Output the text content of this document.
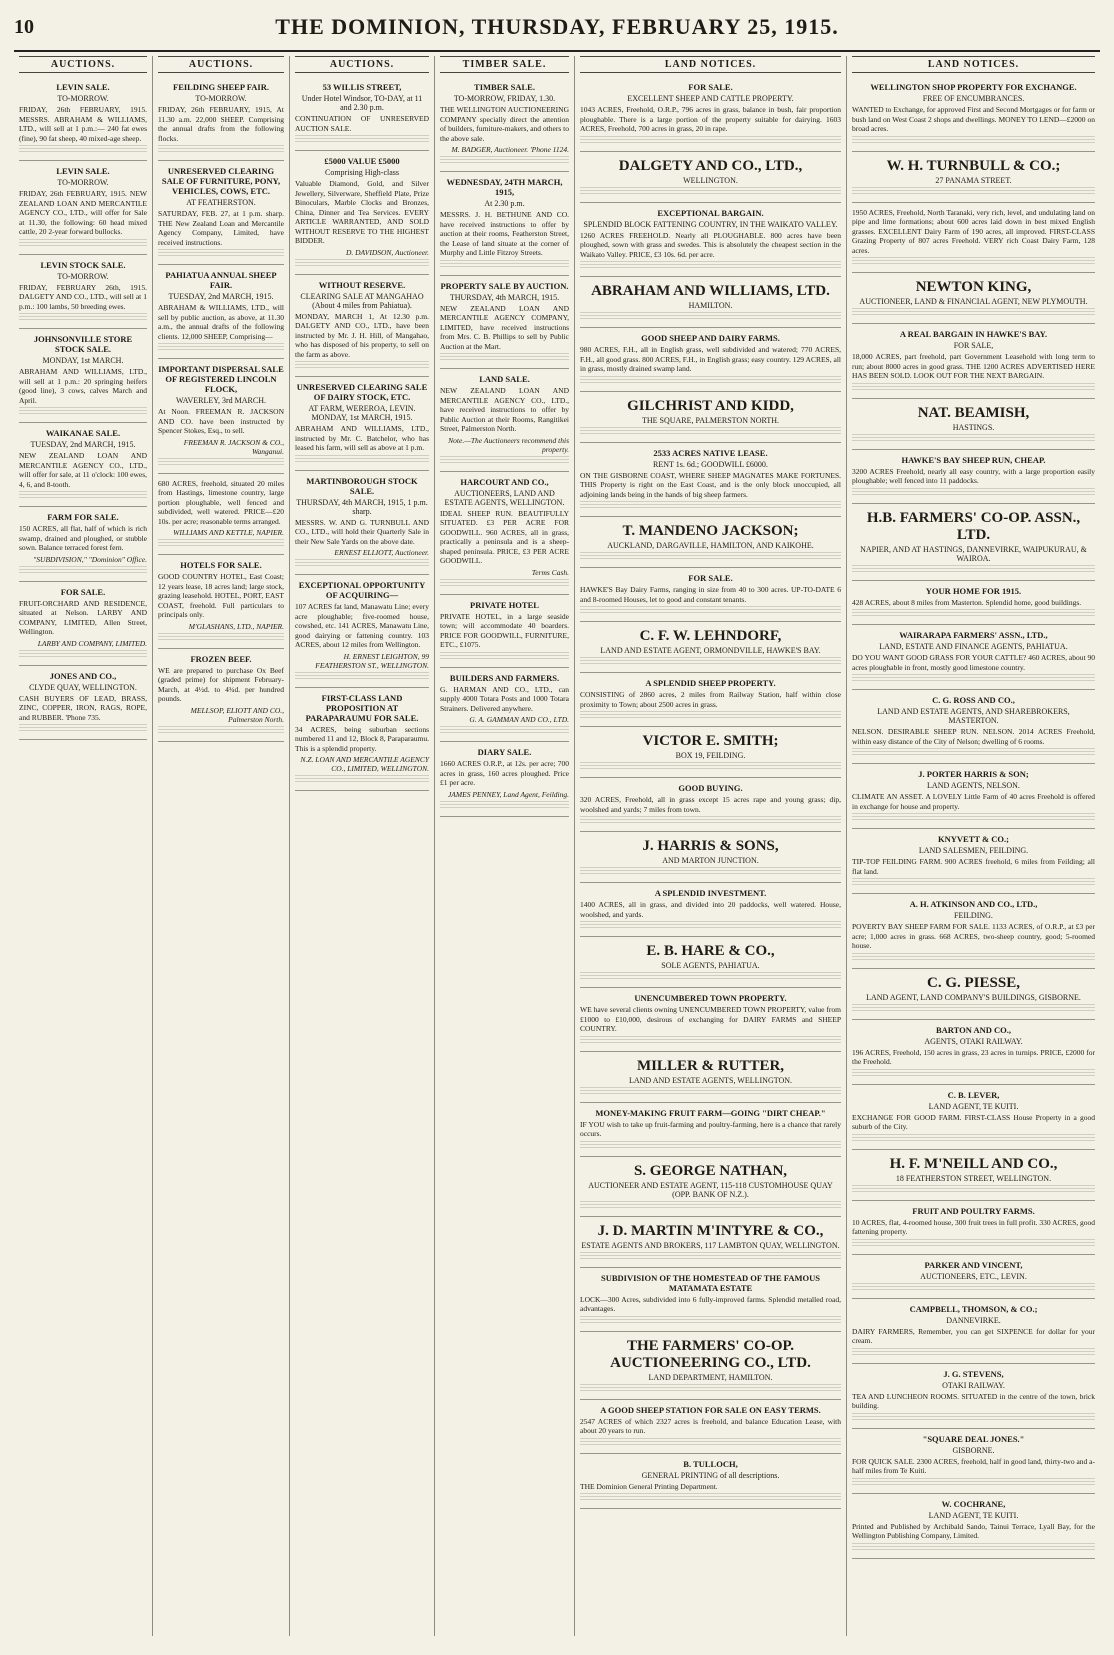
10	THE DOMINION, THURSDAY, FEBRUARY 25, 1915.
AUCTIONS.
LEVIN SALE.
TO-MORROW.
FRIDAY, 26th FEBRUARY, 1915. MESSRS. ABRAHAM & WILLIAMS, LTD., will sell at 1 p.m.:— 240 fat ewes (fine), 90 fat sheep, 40 mixed-age sheep.
LEVIN SALE.
TO-MORROW.
FRIDAY, 26th FEBRUARY, 1915. NEW ZEALAND LOAN AND MERCANTILE AGENCY CO., LTD., will offer for Sale at 11.30, the following: 60 head mixed cattle, 20 2-year forward bullocks.
LEVIN STOCK SALE.
TO-MORROW.
FRIDAY, FEBRUARY 26th, 1915. DALGETY AND CO., LTD., will sell at 1 p.m.: 100 lambs, 50 breeding ewes.
JOHNSONVILLE STORE STOCK SALE.
MONDAY, 1st MARCH.
ABRAHAM AND WILLIAMS, LTD., will sell at 1 p.m.: 20 springing heifers (good line), 3 cows, calves March and April.
WAIKANAE SALE.
TUESDAY, 2nd MARCH, 1915.
NEW ZEALAND LOAN AND MERCANTILE AGENCY CO., LTD., will offer for sale, at 11 o'clock: 100 ewes, 4, 6, and 8-tooth.
FARM FOR SALE.
150 ACRES, all flat, half of which is rich swamp, drained and ploughed, or stubble sown. Balance terraced forest fern.
"SUBDIVISION," "Dominion" Office.
FOR SALE.
FRUIT-ORCHARD AND RESIDENCE, situated at Nelson. LARBY AND COMPANY, LIMITED, Allen Street, Wellington.
LARBY AND COMPANY, LIMITED.
JONES AND CO.,
CLYDE QUAY, WELLINGTON.
CASH BUYERS OF LEAD, BRASS, ZINC, COPPER, IRON, RAGS, ROPE, and RUBBER. 'Phone 735.
AUCTIONS.
FEILDING SHEEP FAIR.
TO-MORROW.
FRIDAY, 26th FEBRUARY, 1915, At 11.30 a.m. 22,000 SHEEP. Comprising the annual drafts from the following flocks.
UNRESERVED CLEARING SALE OF FURNITURE, PONY, VEHICLES, COWS, ETC.
AT FEATHERSTON.
SATURDAY, FEB. 27, at 1 p.m. sharp. THE New Zealand Loan and Mercantile Agency Company, Limited, have received instructions.
PAHIATUA ANNUAL SHEEP FAIR.
TUESDAY, 2nd MARCH, 1915.
ABRAHAM & WILLIAMS, LTD., will sell by public auction, as above, at 11.30 a.m., the annual drafts of the following clients. 12,000 SHEEP, Comprising—
IMPORTANT DISPERSAL SALE OF REGISTERED LINCOLN FLOCK,
WAVERLEY, 3rd MARCH.
At Noon. FREEMAN R. JACKSON AND CO. have been instructed by Spencer Stokes, Esq., to sell.
FREEMAN R. JACKSON & CO., Wanganui.
680 ACRES, freehold, situated 20 miles from Hastings, limestone country, large portion ploughable, well fenced and subdivided, well watered. PRICE—£20 10s. per acre; reasonable terms arranged.
WILLIAMS AND KETTLE, NAPIER.
HOTELS FOR SALE.
GOOD COUNTRY HOTEL, East Coast; 12 years lease, 18 acres land; large stock, grazing leasehold. HOTEL, PORT, EAST COAST, freehold. Full particulars to principals only.
M'GLASHANS, LTD., NAPIER.
FROZEN BEEF.
WE are prepared to purchase Ox Beef (graded prime) for shipment February-March, at 4½d. to 4¾d. per hundred pounds.
MELLSOP, ELIOTT AND CO., Palmerston North.
AUCTIONS.
53 WILLIS STREET,
Under Hotel Windsor, TO-DAY, at 11 and 2.30 p.m.
CONTINUATION OF UNRESERVED AUCTION SALE.
£5000 VALUE £5000
Comprising High-class
Valuable Diamond, Gold, and Silver Jewellery, Silverware, Sheffield Plate, Prize Binoculars, Marble Clocks and Bronzes, China, Dinner and Tea Services. EVERY ARTICLE WARRANTED, AND SOLD WITHOUT RESERVE TO THE HIGHEST BIDDER.
D. DAVIDSON, Auctioneer.
WITHOUT RESERVE.
CLEARING SALE AT MANGAHAO (About 4 miles from Pahiatua).
MONDAY, MARCH 1, At 12.30 p.m. DALGETY AND CO., LTD., have been instructed by Mr. J. H. Hill, of Mangahao, who has disposed of his property, to sell on the farm as above.
UNRESERVED CLEARING SALE OF DAIRY STOCK, ETC.
AT FARM, WEREROA, LEVIN. MONDAY, 1st MARCH, 1915.
ABRAHAM AND WILLIAMS, LTD., instructed by Mr. C. Batchelor, who has leased his farm, will sell as above at 1 p.m.
MARTINBOROUGH STOCK SALE.
THURSDAY, 4th MARCH, 1915, 1 p.m. sharp.
MESSRS. W. AND G. TURNBULL AND CO., LTD., will hold their Quarterly Sale in their New Sale Yards on the above date.
ERNEST ELLIOTT, Auctioneer.
EXCEPTIONAL OPPORTUNITY OF ACQUIRING—
107 ACRES fat land, Manawatu Line; every acre ploughable; five-roomed house, cowshed, etc. 141 ACRES, Manawatu Line, good dairying or fattening country. 103 ACRES, about 12 miles from Wellington.
H. ERNEST LEIGHTON, 99 FEATHERSTON ST., WELLINGTON.
FIRST-CLASS LAND PROPOSITION AT PARAPARAUMU FOR SALE.
34 ACRES, being suburban sections numbered 11 and 12, Block 8, Paraparaumu. This is a splendid property.
N.Z. LOAN AND MERCANTILE AGENCY CO., LIMITED, WELLINGTON.
TIMBER SALE.
TIMBER SALE.
TO-MORROW, FRIDAY, 1.30.
THE WELLINGTON AUCTIONEERING COMPANY specially direct the attention of builders, furniture-makers, and others to the above sale.
M. BADGER, Auctioneer. 'Phone 1124.
WEDNESDAY, 24TH MARCH, 1915,
At 2.30 p.m.
MESSRS. J. H. BETHUNE AND CO. have received instructions to offer by auction at their rooms, Featherston Street, the Lease of land situate at the corner of Murphy and Little Fitzroy Streets.
PROPERTY SALE BY AUCTION.
THURSDAY, 4th MARCH, 1915.
NEW ZEALAND LOAN AND MERCANTILE AGENCY COMPANY, LIMITED, have received instructions from Mrs. C. B. Phillips to sell by Public Auction at the Mart.
LAND SALE.
NEW ZEALAND LOAN AND MERCANTILE AGENCY CO., LTD., have received instructions to offer by Public Auction at their Rooms, Rangitikei Street, Palmerston North.
Note.—The Auctioneers recommend this property.
HARCOURT AND CO.,
AUCTIONEERS, LAND AND ESTATE AGENTS, WELLINGTON.
IDEAL SHEEP RUN. BEAUTIFULLY SITUATED. £3 PER ACRE FOR GOODWILL. 960 ACRES, all in grass, practically a peninsula and is a sheep-shaped peninsula. PRICE, £3 PER ACRE GOODWILL.
Terms Cash.
PRIVATE HOTEL
PRIVATE HOTEL, in a large seaside town; will accommodate 40 boarders. PRICE FOR GOODWILL, FURNITURE, ETC., £1075.
BUILDERS AND FARMERS.
G. HARMAN AND CO., LTD., can supply 4000 Totara Posts and 1000 Totara Strainers. Delivered anywhere.
G. A. GAMMAN AND CO., LTD.
DIARY SALE.
1660 ACRES O.R.P., at 12s. per acre; 700 acres in grass, 160 acres ploughed. Price £1 per acre.
JAMES PENNEY, Land Agent, Feilding.
LAND NOTICES.
FOR SALE.
EXCELLENT SHEEP AND CATTLE PROPERTY.
1043 ACRES, Freehold, O.R.P., 796 acres in grass, balance in bush, fair proportion ploughable. There is a large portion of the property suitable for dairying. 1603 ACRES, Freehold, 700 acres in grass, 20 in rape.
DALGETY AND CO., LTD.,
WELLINGTON.
EXCEPTIONAL BARGAIN.
SPLENDID BLOCK FATTENING COUNTRY, IN THE WAIKATO VALLEY.
1260 ACRES FREEHOLD. Nearly all PLOUGHABLE. 800 acres have been ploughed, sown with grass and swedes. This is absolutely the cheapest section in the Waikato Valley. PRICE, £3 10s. 6d. per acre.
ABRAHAM AND WILLIAMS, LTD.
HAMILTON.
GOOD SHEEP AND DAIRY FARMS.
980 ACRES, F.H., all in English grass, well subdivided and watered; 770 ACRES, F.H., all good grass. 800 ACRES, F.H., in English grass; easy country. 129 ACRES, all in grass, mostly drained swamp land.
GILCHRIST AND KIDD,
THE SQUARE, PALMERSTON NORTH.
2533 ACRES NATIVE LEASE.
RENT 1s. 6d.; GOODWILL £6000.
ON THE GISBORNE COAST, WHERE SHEEP MAGNATES MAKE FORTUNES. THIS Property is right on the East Coast, and is the only block unoccupied, all adjoining lands being in the hands of big sheep farmers.
T. MANDENO JACKSON;
AUCKLAND, DARGAVILLE, HAMILTON, AND KAIKOHE.
FOR SALE.
HAWKE'S Bay Dairy Farms, ranging in size from 40 to 300 acres. UP-TO-DATE 6 and 8-roomed Houses, let to good and constant tenants.
C. F. W. LEHNDORF,
LAND AND ESTATE AGENT, ORMONDVILLE, HAWKE'S BAY.
A SPLENDID SHEEP PROPERTY.
CONSISTING of 2860 acres, 2 miles from Railway Station, half within close proximity to Town; about 2500 acres in grass.
VICTOR E. SMITH;
BOX 19, FEILDING.
GOOD BUYING.
320 ACRES, Freehold, all in grass except 15 acres rape and young grass; dip, woolshed and yards; 7 miles from town.
J. HARRIS & SONS,
AND MARTON JUNCTION.
A SPLENDID INVESTMENT.
1400 ACRES, all in grass, and divided into 20 paddocks, well watered. House, woolshed, and yards.
E. B. HARE & CO.,
SOLE AGENTS, PAHIATUA.
UNENCUMBERED TOWN PROPERTY.
WE have several clients owning UNENCUMBERED TOWN PROPERTY, value from £1000 to £10,000, desirous of exchanging for DAIRY FARMS and SHEEP COUNTRY.
MILLER & RUTTER,
LAND AND ESTATE AGENTS, WELLINGTON.
MONEY-MAKING FRUIT FARM—GOING "DIRT CHEAP."
IF YOU wish to take up fruit-farming and poultry-farming, here is a chance that rarely occurs.
S. GEORGE NATHAN,
AUCTIONEER AND ESTATE AGENT, 115-118 CUSTOMHOUSE QUAY (OPP. BANK OF N.Z.).
J. D. MARTIN M'INTYRE & CO.,
ESTATE AGENTS AND BROKERS, 117 LAMBTON QUAY, WELLINGTON.
SUBDIVISION OF THE HOMESTEAD OF THE FAMOUS MATAMATA ESTATE
LOCK—300 Acres, subdivided into 6 fully-improved farms. Splendid metalled road, advantages.
THE FARMERS' CO-OP. AUCTIONEERING CO., LTD.
LAND DEPARTMENT, HAMILTON.
A GOOD SHEEP STATION FOR SALE ON EASY TERMS.
2547 ACRES of which 2327 acres is freehold, and balance Education Lease, with about 20 years to run.
B. TULLOCH,
GENERAL PRINTING of all descriptions.
THE Dominion General Printing Department.
LAND NOTICES.
WELLINGTON SHOP PROPERTY FOR EXCHANGE.
FREE OF ENCUMBRANCES.
WANTED to Exchange, for approved First and Second Mortgages or for farm or bush land on West Coast 2 shops and dwellings. MONEY TO LEND—£2000 on broad acres.
W. H. TURNBULL & CO.;
27 PANAMA STREET.
1950 ACRES, Freehold, North Taranaki, very rich, level, and undulating land on pipe and lime formations; about 600 acres laid down in best mixed English grasses. EXCELLENT Dairy Farm of 190 acres, all improved. FIRST-CLASS Grazing Property of 807 acres Freehold. VERY rich Coast Dairy Farm, 128 acres.
NEWTON KING,
AUCTIONEER, LAND & FINANCIAL AGENT, NEW PLYMOUTH.
A REAL BARGAIN IN HAWKE'S BAY.
FOR SALE,
18,000 ACRES, part freehold, part Government Leasehold with long term to run; about 8000 acres in good grass. THE 1200 ACRES ADVERTISED HERE HAS BEEN SOLD. LOOK OUT FOR THE NEXT BARGAIN.
NAT. BEAMISH,
HASTINGS.
HAWKE'S BAY SHEEP RUN, CHEAP.
3200 ACRES Freehold, nearly all easy country, with a large proportion easily ploughable; well fenced into 11 paddocks.
H.B. FARMERS' CO-OP. ASSN., LTD.
NAPIER, AND AT HASTINGS, DANNEVIRKE, WAIPUKURAU, & WAIROA.
YOUR HOME FOR 1915.
428 ACRES, about 8 miles from Masterton. Splendid home, good buildings.
WAIRARAPA FARMERS' ASSN., LTD.,
LAND, ESTATE AND FINANCE AGENTS, PAHIATUA.
DO YOU WANT GOOD GRASS FOR YOUR CATTLE? 460 ACRES, about 90 acres ploughable in front, mostly good limestone country.
C. G. ROSS AND CO.,
LAND AND ESTATE AGENTS, AND SHAREBROKERS, MASTERTON.
NELSON. DESIRABLE SHEEP RUN. NELSON. 2014 ACRES Freehold, within easy distance of the City of Nelson; dwelling of 6 rooms.
J. PORTER HARRIS & SON;
LAND AGENTS, NELSON.
CLIMATE AN ASSET. A LOVELY Little Farm of 40 acres Freehold is offered in exchange for house and property.
KNYVETT & CO.;
LAND SALESMEN, FEILDING.
TIP-TOP FEILDING FARM. 900 ACRES freehold, 6 miles from Feilding; all flat land.
A. H. ATKINSON AND CO., LTD.,
FEILDING.
POVERTY BAY SHEEP FARM FOR SALE. 1133 ACRES, of O.R.P., at £3 per acre; 1,000 acres in grass. 668 ACRES, two-sheep country, good; 5-roomed house.
C. G. PIESSE,
LAND AGENT, LAND COMPANY'S BUILDINGS, GISBORNE.
BARTON AND CO.,
AGENTS, OTAKI RAILWAY.
196 ACRES, Freehold, 150 acres in grass, 23 acres in turnips. PRICE, £2000 for the Freehold.
C. B. LEVER,
LAND AGENT, TE KUITI.
EXCHANGE FOR GOOD FARM. FIRST-CLASS House Property in a good suburb of the City.
H. F. M'NEILL AND CO.,
18 FEATHERSTON STREET, WELLINGTON.
FRUIT AND POULTRY FARMS.
10 ACRES, flat, 4-roomed house, 300 fruit trees in full profit. 330 ACRES, good fattening property.
PARKER AND VINCENT,
AUCTIONEERS, ETC., LEVIN.
CAMPBELL, THOMSON, & CO.;
DANNEVIRKE.
DAIRY FARMERS, Remember, you can get SIXPENCE for dollar for your cream.
J. G. STEVENS,
OTAKI RAILWAY.
TEA AND LUNCHEON ROOMS. SITUATED in the centre of the town, brick building.
"SQUARE DEAL JONES."
GISBORNE.
FOR QUICK SALE. 2300 ACRES, freehold, half in good land, thirty-two and a-half miles from Te Kuiti.
W. COCHRANE,
LAND AGENT, TE KUITI.
Printed and Published by Archibald Sando, Tainui Terrace, Lyall Bay, for the Wellington Publishing Company, Limited.
